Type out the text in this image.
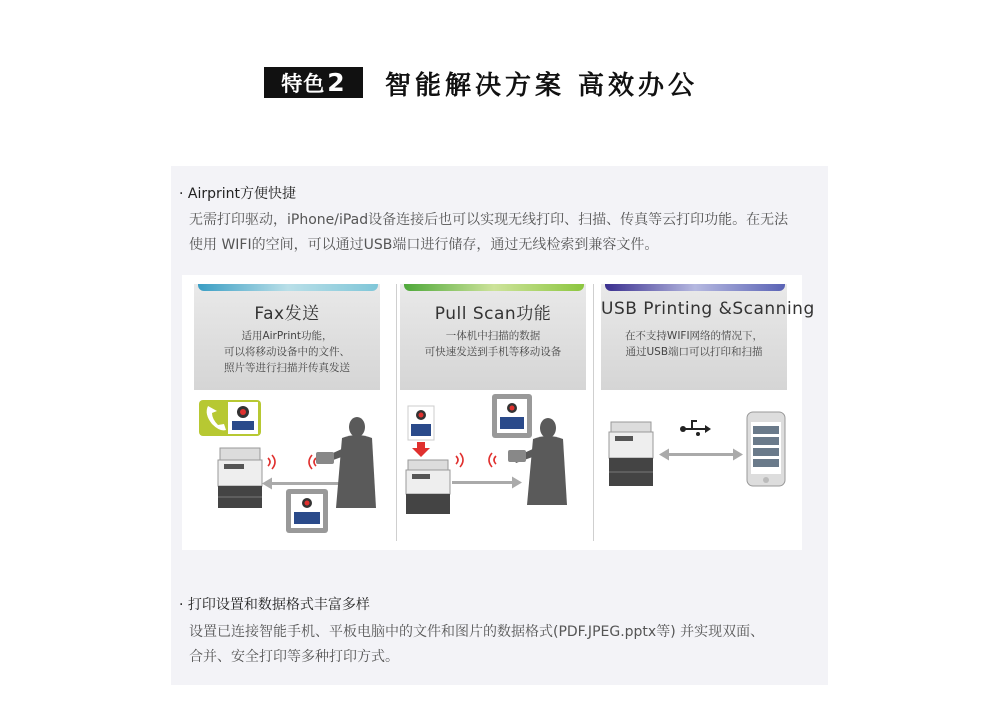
特色 2 智能解决方案 高效办公
· Airprint方便快捷
无需打印驱动，iPhone/iPad设备连接后也可以实现无线打印、扫描、传真等云打印功能。在无法
使用 WIFI的空间，可以通过USB端口进行储存，通过无线检索到兼容文件。
Fax发送
适用AirPrint功能，
可以将移动设备中的文件、
照片等进行扫描并传真发送
Pull Scan功能
一体机中扫描的数据
可快速发送到手机等移动设备
USB Printing &Scanning
在不支持WIFI网络的情况下，
通过USB端口可以打印和扫描
· 打印设置和数据格式丰富多样
设置已连接智能手机、平板电脑中的文件和图片的数据格式(PDF.JPEG.pptx等) 并实现双面、
合并、安全打印等多种打印方式。
